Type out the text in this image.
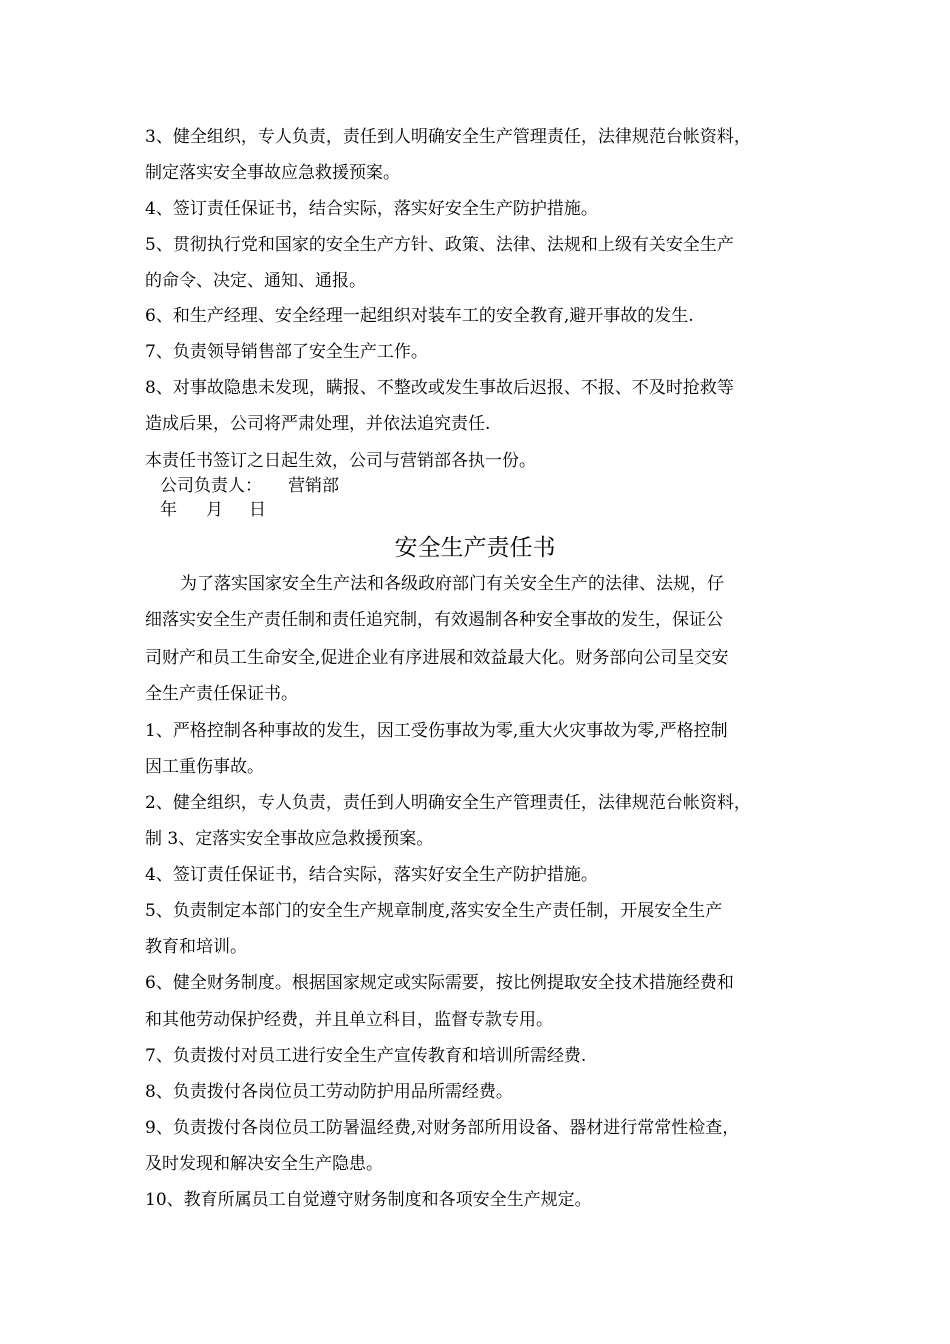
3、健全组织，专人负责，责任到人明确安全生产管理责任，法律规范台帐资料，
制定落实安全事故应急救援预案。
4、签订责任保证书，结合实际，落实好安全生产防护措施。
5、贯彻执行党和国家的安全生产方针、政策、法律、法规和上级有关安全生产
的命令、决定、通知、通报。
6、和生产经理、安全经理一起组织对装车工的安全教育,避开事故的发生.
7、负责领导销售部了安全生产工作。
8、对事故隐患未发现，瞒报、不整改或发生事故后迟报、不报、不及时抢救等
造成后果，公司将严肃处理，并依法追究责任.
本责任书签订之日起生效，公司与营销部各执一份。
公司负责人： 营销部
年 月 日
安全生产责任书
为了落实国家安全生产法和各级政府部门有关安全生产的法律、法规，仔
细落实安全生产责任制和责任追究制，有效遏制各种安全事故的发生，保证公
司财产和员工生命安全,促进企业有序进展和效益最大化。财务部向公司呈交安
全生产责任保证书。
1、严格控制各种事故的发生，因工受伤事故为零,重大火灾事故为零,严格控制
因工重伤事故。
2、健全组织，专人负责，责任到人明确安全生产管理责任，法律规范台帐资料，
制 3、定落实安全事故应急救援预案。
4、签订责任保证书，结合实际，落实好安全生产防护措施。
5、负责制定本部门的安全生产规章制度,落实安全生产责任制，开展安全生产
教育和培训。
6、健全财务制度。根据国家规定或实际需要，按比例提取安全技术措施经费和
和其他劳动保护经费，并且单立科目，监督专款专用。
7、负责拨付对员工进行安全生产宣传教育和培训所需经费.
8、负责拨付各岗位员工劳动防护用品所需经费。
9、负责拨付各岗位员工防暑温经费,对财务部所用设备、器材进行常常性检查，
及时发现和解决安全生产隐患。
10、教育所属员工自觉遵守财务制度和各项安全生产规定。
